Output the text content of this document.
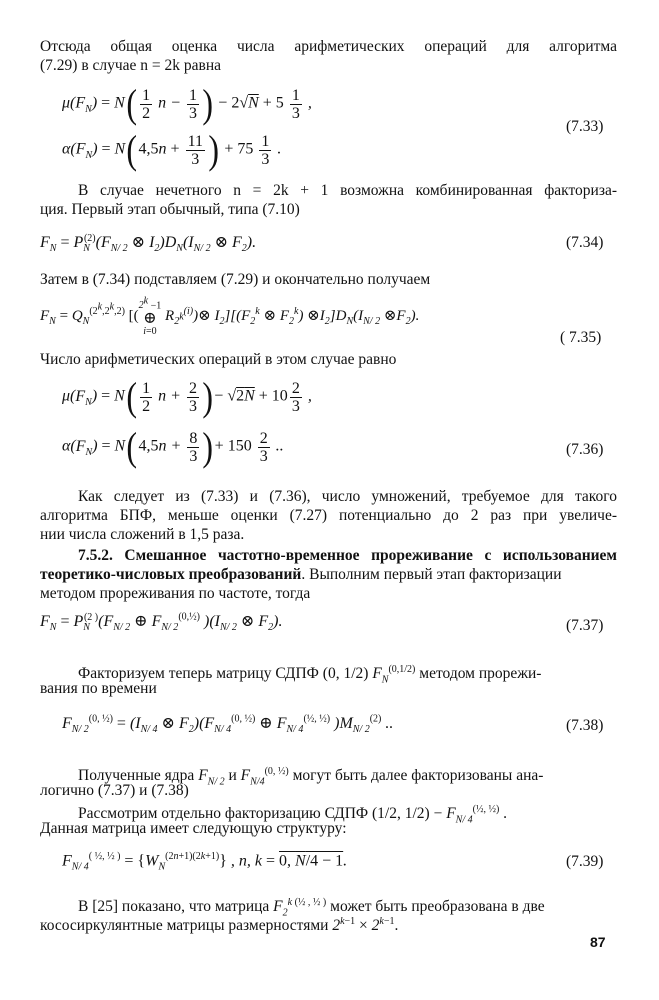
Отсюда общая оценка числа арифметических операций для алгоритма
(7.29) в случае n = 2k равна
$\mu(F_N) = N( \frac{1}{2}$ $n - \frac{1}{3}$ ) − $2√N + 5 \frac{1}{3}$ ,
(7.33)
$\alpha(F_N) = N(4,5n + \frac{11}{3}$ ) + $75 \frac{1}{3}$ .
В случае нечетного n = 2k + 1 возможна комбинированная факториза-
ция. Первый этап обычный, типа (7.10)
$F_N = P_N^{(2)}(F_{N/ 2}$ ⊗ $I_2)D_N(I_{N/ 2}$ ⊗ $F_2$).	(7.34)
Затем в (7.34) подставляем (7.29) и окончательно получаем
$F_N = Q_N^{(2^k,2^k,2)}$ [(
$2^k -1$
⊕
i=0
$R_{2^k}^{(i)})\otimes$ $I_2][(F_2^k$ ⊗ $F_2^k$) $\otimes I_2]D_N(I_{N/ 2}$ $\otimes F_2$).
( 7.35)
Число арифметических операций в этом случае равно
$\mu(F_N) = N( \frac{1}{2}$ $n + \frac{2}{3}$ )− $√2N + 10 \frac{2}{3}$ ,
$\alpha(F_N) = N(4,5n + \frac{8}{3}$ )+ $150 \frac{2}{3}$ ..	(7.36)
Как следует из (7.33) и (7.36), число умножений, требуемое для такого
алгоритма БПФ, меньше оценки (7.27) потенциально до 2 раз при увеличе-
нии числа сложений в 1,5 раза.
7.5.2. Смешанное частотно-временное прореживание с использованием
теоретико-числовых преобразований. Выполним первый этап факторизации
методом прореживания по частоте, тогда
$F_N = P_N^{(2 )}(F_{N/ 2}$ ⊕ $F_{N/ 2}^{(0,\frac{1}{2})}$ )($I_{N/ 2}$ ⊗ $F_2$).	(7.37)
Факторизуем теперь матрицу СДПФ (0, 1/2) $F_N^{(0,1/2)}$ методом прорежи-
вания по времени
$F_{N/ 2}^{(0, \frac{1}{2})} = (I_{N/ 4}$ ⊗ $F_2)(F_{N/ 4}^{(0, \frac{1}{2})}$ ⊕ $F_{N/ 4}^{(\frac{1}{2}, \frac{1}{2})}$ )$M_{N/ 2}^{(2)}$ ..	(7.38)
Полученные ядра $F_{N/ 2}$ и $F_{N/4}^{(0, \frac{1}{2})}$ могут быть далее факторизованы ана-
логично (7.37) и (7.38)
Рассмотрим отдельно факторизацию СДПФ (1/2, $1/2) - F_{N/ 4}^{(\frac{1}{2}, \frac{1}{2})}$ .
Данная матрица имеет следующую структуру:
$F_{N/ 4}^{( \frac{1}{2}, \frac{1}{2} )} = \{W_N^{(2n+1)(2k+1)}\}$ , n, k = 0, N/4 − 1.	(7.39)
В [25] показано, что матрица $F_2^{k (\frac{1}{2} , \frac{1}{2} )}$ может быть преобразована в две
кососиркулянтные матрицы размерностями $2^{k-1} \times 2^{k-1}$.
87
